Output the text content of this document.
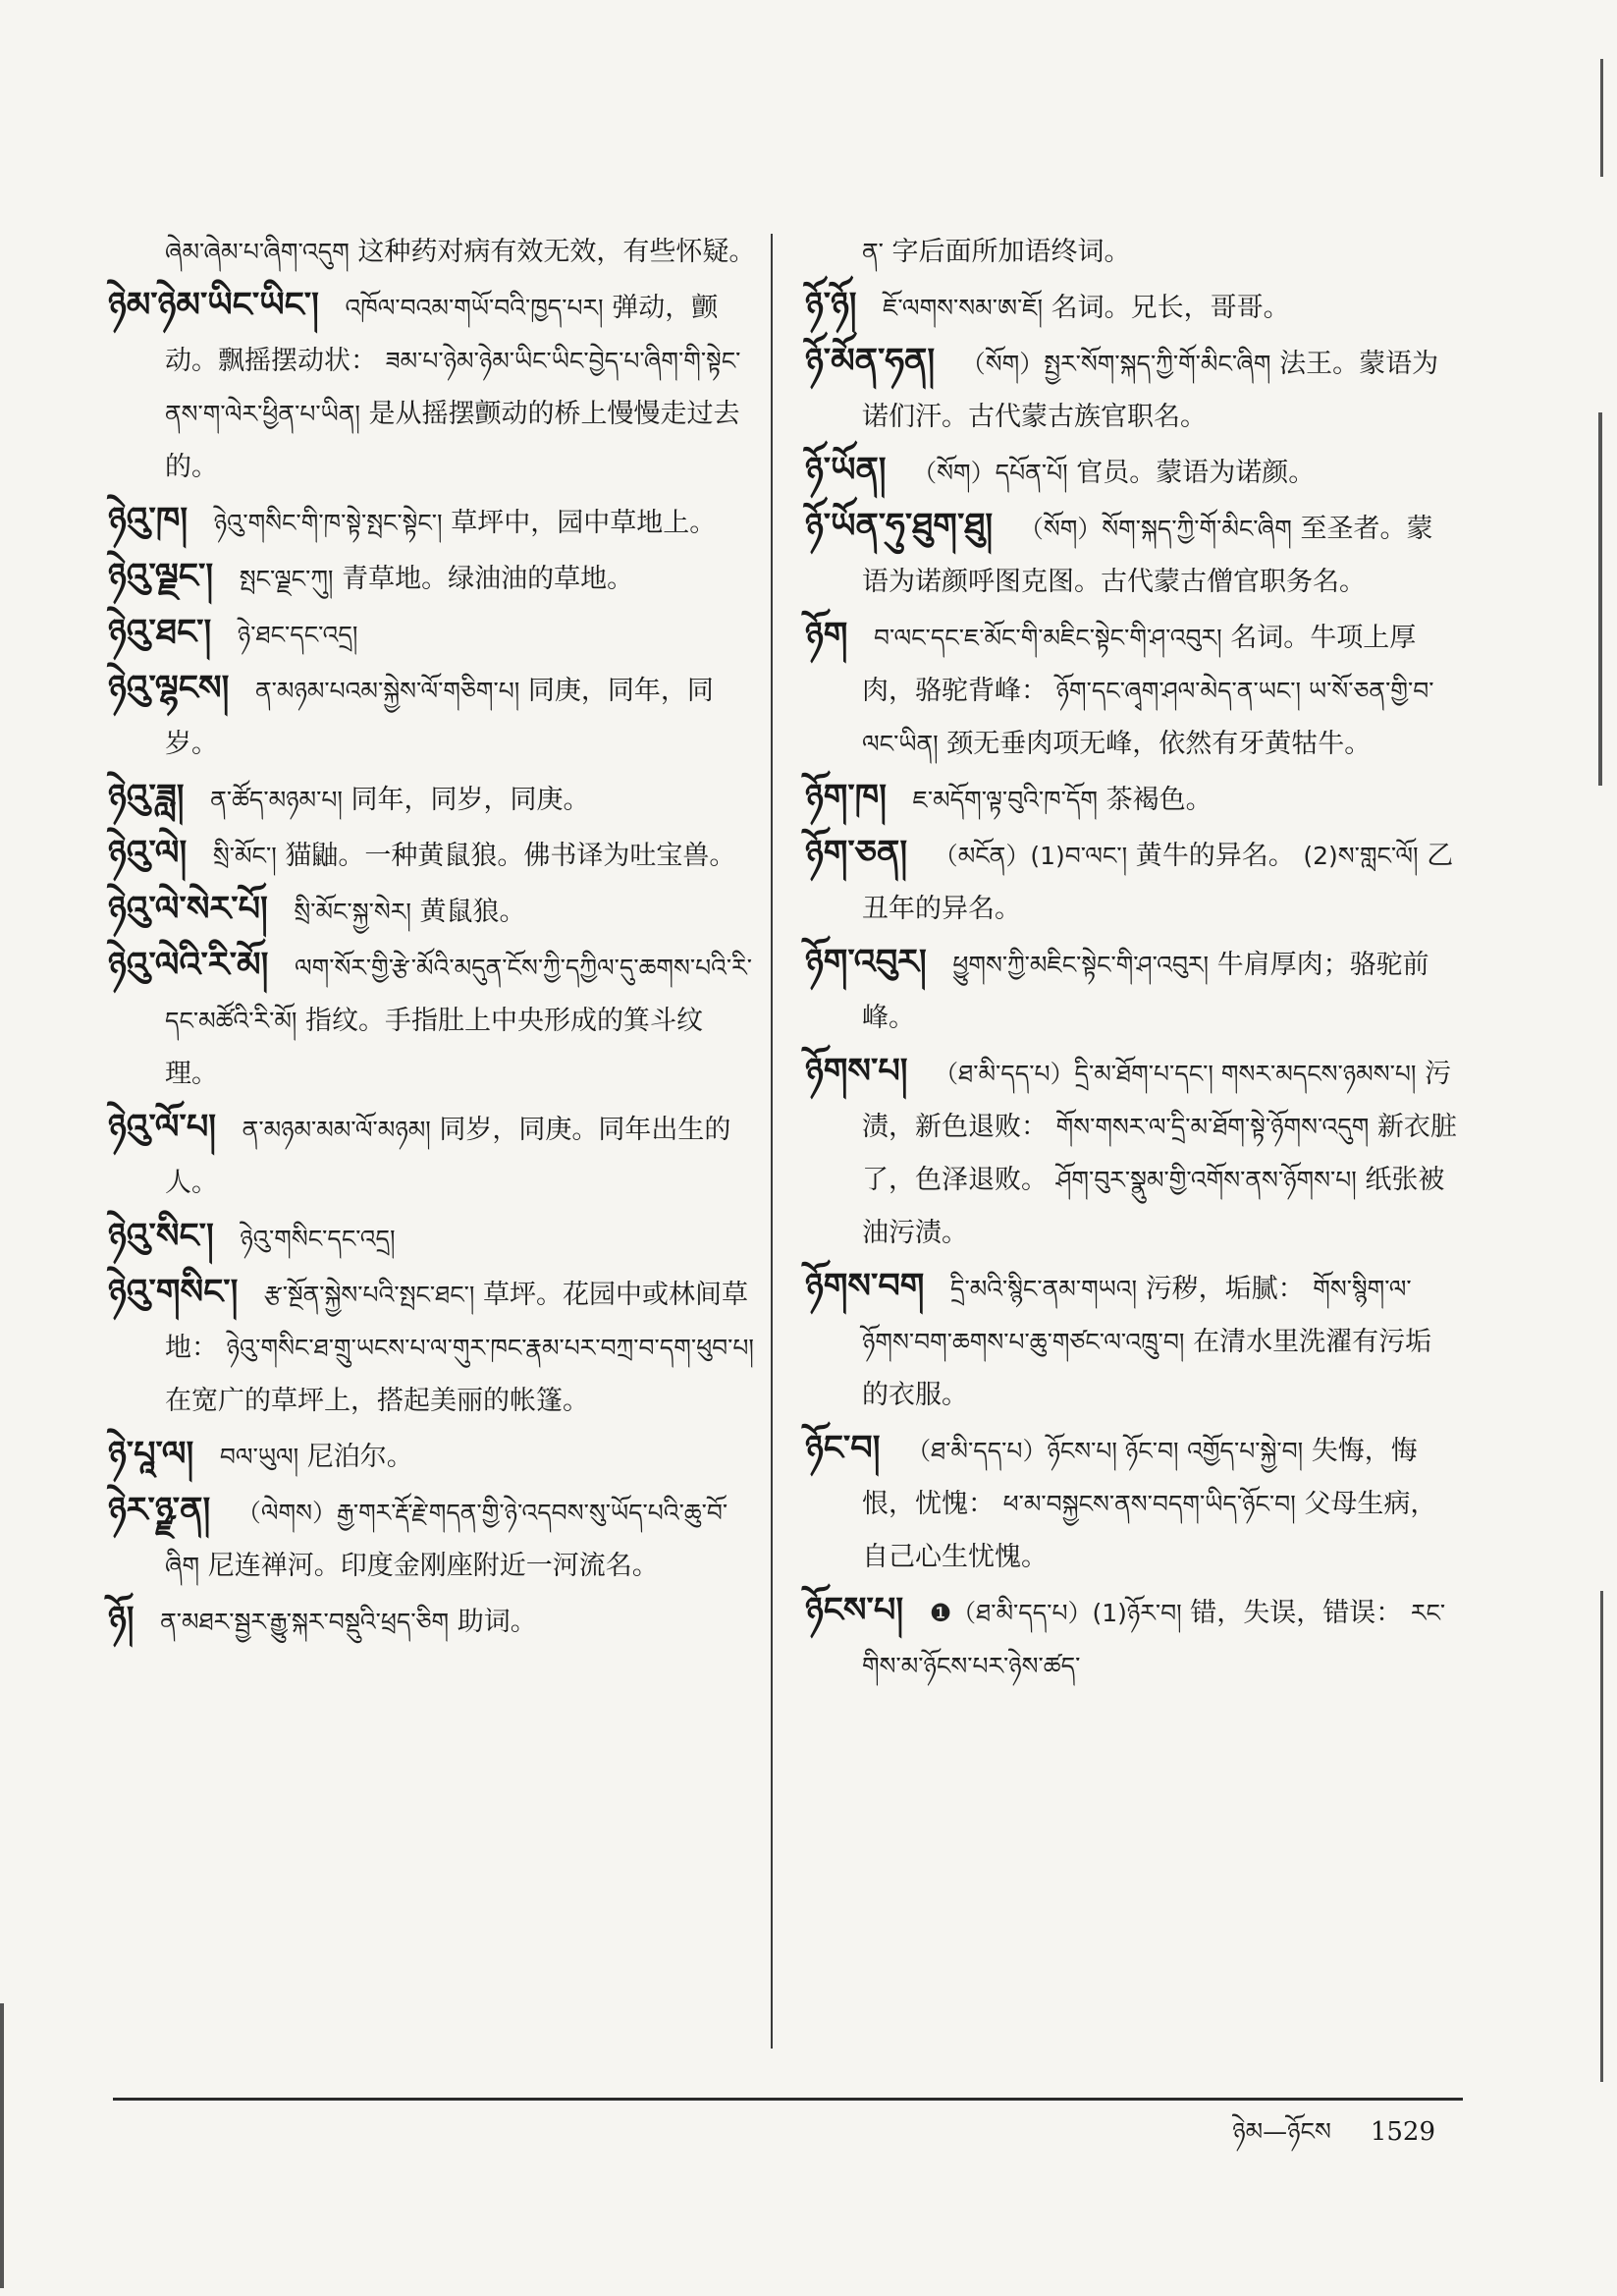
ཞེམ་ཞེམ་པ་ཞིག་འདུག 这种药对病有效无效，有些怀疑。
ཉེམ་ཉེམ་ཡིང་ཡིང་། འཁོལ་བའམ་གཡོ་བའི་ཁྱད་པར། 弹动，颤动。飘摇摆动状： ཟམ་པ་ཉེམ་ཉེམ་ཡིང་ཡིང་བྱེད་པ་ཞིག་གི་སྟེང་ནས་ག་ལེར་ཕྱིན་པ་ཡིན། 是从摇摆颤动的桥上慢慢走过去的。
ཉེའུ་ཁ། ཉེའུ་གསིང་གི་ཁ་སྟེ་སྤང་སྟེང་། 草坪中，园中草地上。
ཉེའུ་ལྗང་། སྤང་ལྗང་ཀུ། 青草地。绿油油的草地。
ཉེའུ་ཐང་། ཉེ་ཐང་དང་འདྲ།
ཉེའུ་ལྷངས། ན་མཉམ་པའམ་སྐྱེས་ལོ་གཅིག་པ། 同庚，同年，同岁。
ཉེའུ་ཟླ། ན་ཚོད་མཉམ་པ། 同年，同岁，同庚。
ཉེའུ་ལེ། སྲི་མོང་། 猫鼬。一种黄鼠狼。佛书译为吐宝兽。
ཉེའུ་ལེ་སེར་པོ། སྲི་མོང་སྐྱ་སེར། 黄鼠狼。
ཉེའུ་ལེའི་རི་མོ། ལག་སོར་གྱི་རྩེ་མོའི་མདུན་ངོས་ཀྱི་དཀྱིལ་དུ་ཆགས་པའི་རི་དང་མཚོའི་རི་མོ། 指纹。手指肚上中央形成的箕斗纹理。
ཉེའུ་ལོ་པ། ན་མཉམ་མམ་ལོ་མཉམ། 同岁，同庚。同年出生的人。
ཉེའུ་སིང་། ཉེའུ་གསིང་དང་འདྲ།
ཉེའུ་གསིང་། རྩ་སྔོན་སྐྱེས་པའི་སྤང་ཐང་། 草坪。花园中或林间草地： ཉེའུ་གསིང་ཐ་གྲུ་ཡངས་པ་ལ་གུར་ཁང་རྣམ་པར་བཀྲ་བ་དག་ཕུབ་པ། 在宽广的草坪上，搭起美丽的帐篷。
ཉེ་པཱ་ལ། བལ་ཡུལ། 尼泊尔。
ཉེར་ཉྫ་ན། （ལེགས）རྒྱ་གར་རྡོ་རྗེ་གདན་གྱི་ཉེ་འདབས་སུ་ཡོད་པའི་ཆུ་བོ་ཞིག 尼连禅河。印度金刚座附近一河流名。
ཉོ། ན་མཐར་སྦྱར་རྒྱུ་སྐར་བསྡུའི་ཕྲད་ཅིག 助词。
ན་ 字后面所加语终词。
ཉོ་ཉོ། ཇོ་ལགས་སམ་ཨ་ཇོ། 名词。兄长，哥哥。
ཉོ་མོན་ཧན། （སོག）སྤྱར་སོག་སྐད་ཀྱི་གོ་མིང་ཞིག 法王。蒙语为诺们汗。古代蒙古族官职名。
ཉོ་ཡོན། （སོག）དཔོན་པོ། 官员。蒙语为诺颜。
ཉོ་ཡོན་ཧུ་ཐུག་ཐུ། （སོག）སོག་སྐད་ཀྱི་གོ་མིང་ཞིག 至圣者。蒙语为诺颜呼图克图。古代蒙古僧官职务名。
ཉོག བ་ལང་དང་ཇ་མོང་གི་མཇིང་སྟེང་གི་ཤ་འབུར། 名词。牛项上厚肉，骆驼背峰： ཉོག་དང་ཞྭག་ཤལ་མེད་ན་ཡང་། ཡ་སོ་ཅན་གྱི་བ་ལང་ཡིན། 颈无垂肉项无峰，依然有牙黄牯牛。
ཉོག་ཁ། ཇ་མདོག་ལྟ་བུའི་ཁ་དོག 茶褐色。
ཉོག་ཅན། （མངོན）(1)བ་ལང་། 黄牛的异名。 (2)ས་གླང་ལོ། 乙丑年的异名。
ཉོག་འབུར། ཕྱུགས་ཀྱི་མཇིང་སྟེང་གི་ཤ་འབུར། 牛肩厚肉；骆驼前峰。
ཉོགས་པ། （ཐ་མི་དད་པ）དྲི་མ་ཐོག་པ་དང་། གསར་མདངས་ཉམས་པ། 污渍，新色退败： གོས་གསར་ལ་དྲི་མ་ཐོག་སྟེ་ཉོགས་འདུག 新衣脏了，色泽退败。 ཤོག་བུར་སྣུམ་གྱི་འགོས་ནས་ཉོགས་པ། 纸张被油污渍。
ཉོགས་བག དྲི་མའི་སྙིང་ནམ་གཡའ། 污秽，垢腻： གོས་སྙིག་ལ་ཉོགས་བག་ཆགས་པ་ཆུ་གཙང་ལ་འཁྲུ་བ། 在清水里洗濯有污垢的衣服。
ཉོང་བ། （ཐ་མི་དད་པ）ཉོངས་པ། ཉོང་བ། འགྱོད་པ་སྐྱེ་བ། 失悔，悔恨，忧愧： ཕ་མ་བསྐྱངས་ནས་བདག་ཡིད་ཉོང་བ། 父母生病，自己心生忧愧。
ཉོངས་པ། ❶（ཐ་མི་དད་པ）(1)ཉོར་བ། 错，失误，错误： རང་གིས་མ་ཉོངས་པར་ཉེས་ཚད་
ཉེམ—ཉོངས 1529
